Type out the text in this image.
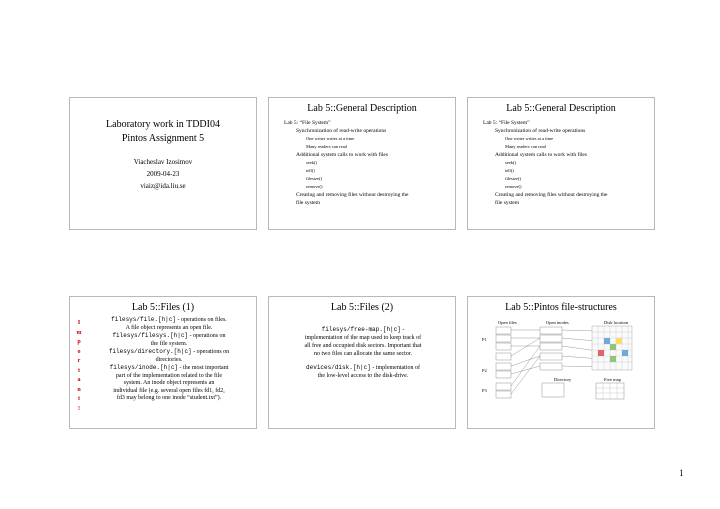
Laboratory work in TDDI04
Pintos Assignment 5
Viacheslav Izosimov
2009-04-23
viaiz@ida.liu.se
Lab 5::General Description
Lab 5: “File System”
Synchronization of read-write operations
One writer writes at a time
Many readers can read
Additional system calls to work with files
seek()
tell()
filesize()
remove()
Creating and removing files without destroying the
file system
Lab 5::General Description
Lab 5: “File System”
Synchronization of read-write operations
One writer writes at a time
Many readers can read
Additional system calls to work with files
seek()
tell()
filesize()
remove()
Creating and removing files without destroying the
file system
Lab 5::Files (1)
I
m
p
o
r
t
a
n
t
!

filesys/file.[h|c] - operations on files.

A file object represents an open file.

filesys/filesys.[h|c] - operations on

the file system.

filesys/directory.[h|c] - operations on

directories.

filesys/inode.[h|c] - the most important

part of the implementation related to the file

system. An inode object represents an

individual file (e.g. several open files fd1, fd2,

fd3 may belong to one inode “student.txt”).

Lab 5::Files (2)

filesys/free-map.[h|c] -

implementation of the map used to keep track of

all free and occupied disk sectors. Important that

no two files can allocate the same sector.

devices/disk.[h|c] - implementation of

the low-level access to the disk-drive.

Lab 5::Pintos file-structures
Open files	Open inodes	Disk location
P1
P2
P3
Directory	Free map
1
